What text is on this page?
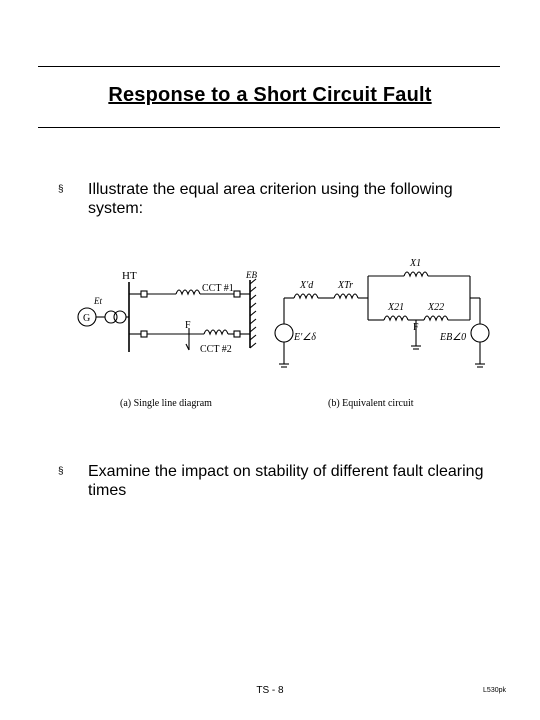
Response to a Short Circuit Fault
§ Illustrate the equal area criterion using the following system:
G
Et
HT
CCT #1
EB
F
CCT #2
(a) Single line diagram
X'd XTr
X1
X21 X22
F
E'∠δ	EB∠0
(b) Equivalent circuit
§ Examine the impact on stability of different fault clearing times
TS - 8	L530pk
